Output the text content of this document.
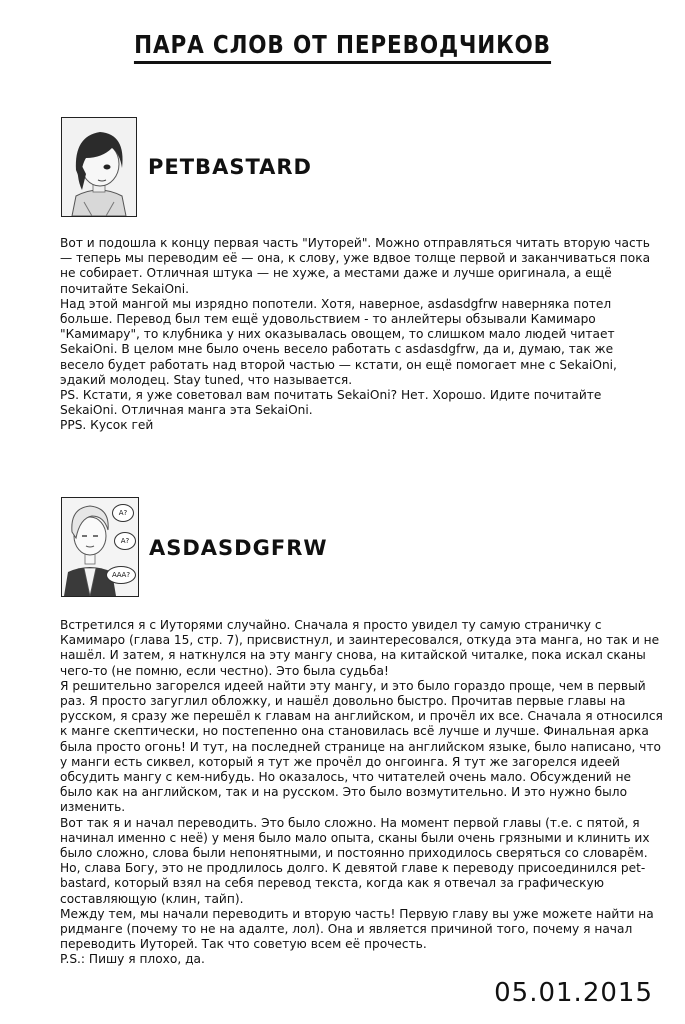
ПАРА СЛОВ ОТ ПЕРЕВОДЧИКОВ
PETBASTARD

Вот и подошла к концу первая часть "Иуторей". Можно отправляться читать вторую часть — теперь мы переводим её — она, к слову, уже вдвое толще первой и заканчиваться пока не собирает. Отличная штука — не хуже, а местами даже и лучше оригинала, а ещё почитайте SekaiOni.

Над этой мангой мы изрядно попотели. Хотя, наверное, asdasdgfrw наверняка потел больше. Перевод был тем ещё удовольствием - то анлейтеры обзывали Камимаро "Камимару", то клубника у них оказывалась овощем, то слишком мало людей читает SekaiOni. В целом мне было очень весело работать с asdasdgfrw, да и, думаю, так же весело будет работать над второй частью — кстати, он ещё помогает мне с SekaiOni, эдакий молодец. Stay tuned, что называется.

PS. Кстати, я уже советовал вам почитать SekaiOni? Нет. Хорошо. Идите почитайте SekaiOni. Отличная манга эта SekaiOni.

PPS. Кусок гей

А?
А?
ААА?
ASDASDGFRW

Встретился я с Иуторями случайно. Сначала я просто увидел ту самую страничку с Камимаро (глава 15, стр. 7), присвистнул, и заинтересовался, откуда эта манга, но так и не нашёл. И затем, я наткнулся на эту мангу снова, на китайской читалке, пока искал сканы чего-то (не помню, если честно). Это была судьба!

Я решительно загорелся идеей найти эту мангу, и это было гораздо проще, чем в первый раз. Я просто загуглил обложку, и нашёл довольно быстро. Прочитав первые главы на русском, я сразу же перешёл к главам на английском, и прочёл их все. Сначала я относился к манге скептически, но постепенно она становилась всё лучше и лучше. Финальная арка была просто огонь! И тут, на последней странице на английском языке, было написано, что у манги есть сиквел, который я тут же прочёл до онгоинга. Я тут же загорелся идеей обсудить мангу с кем-нибудь. Но оказалось, что читателей очень мало. Обсуждений не было как на английском, так и на русском. Это было возмутительно. И это нужно было изменить.

Вот так я и начал переводить. Это было сложно. На момент первой главы (т.е. с пятой, я начинал именно с неё) у меня было мало опыта, сканы были очень грязными и клинить их было сложно, слова были непонятными, и постоянно приходилось сверяться со словарём. Но, слава Богу, это не продлилось долго. К девятой главе к переводу присоединился pet-bastard, который взял на себя перевод текста, когда как я отвечал за графическую составляющую (клин, тайп).

Между тем, мы начали переводить и вторую часть! Первую главу вы уже можете найти на ридманге (почему то не на адалте, лол). Она и является причиной того, почему я начал переводить Иуторей. Так что советую всем её прочесть.

P.S.: Пишу я плохо, да.

05.01.2015
